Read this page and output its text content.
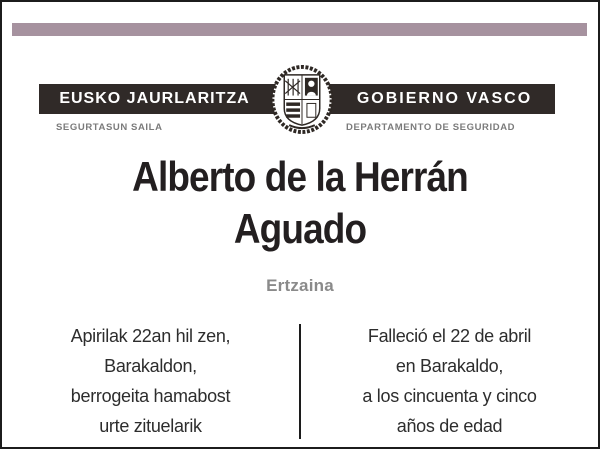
EUSKO JAURLARITZA	GOBIERNO VASCO
SEGURTASUN SAILA	DEPARTAMENTO DE SEGURIDAD
Alberto de la Herrán
Aguado
Ertzaina
Apirilak 22an hil zen,
Barakaldon,
berrogeita hamabost
urte zituelarik
Falleció el 22 de abril
en Barakaldo,
a los cincuenta y cinco
años de edad
